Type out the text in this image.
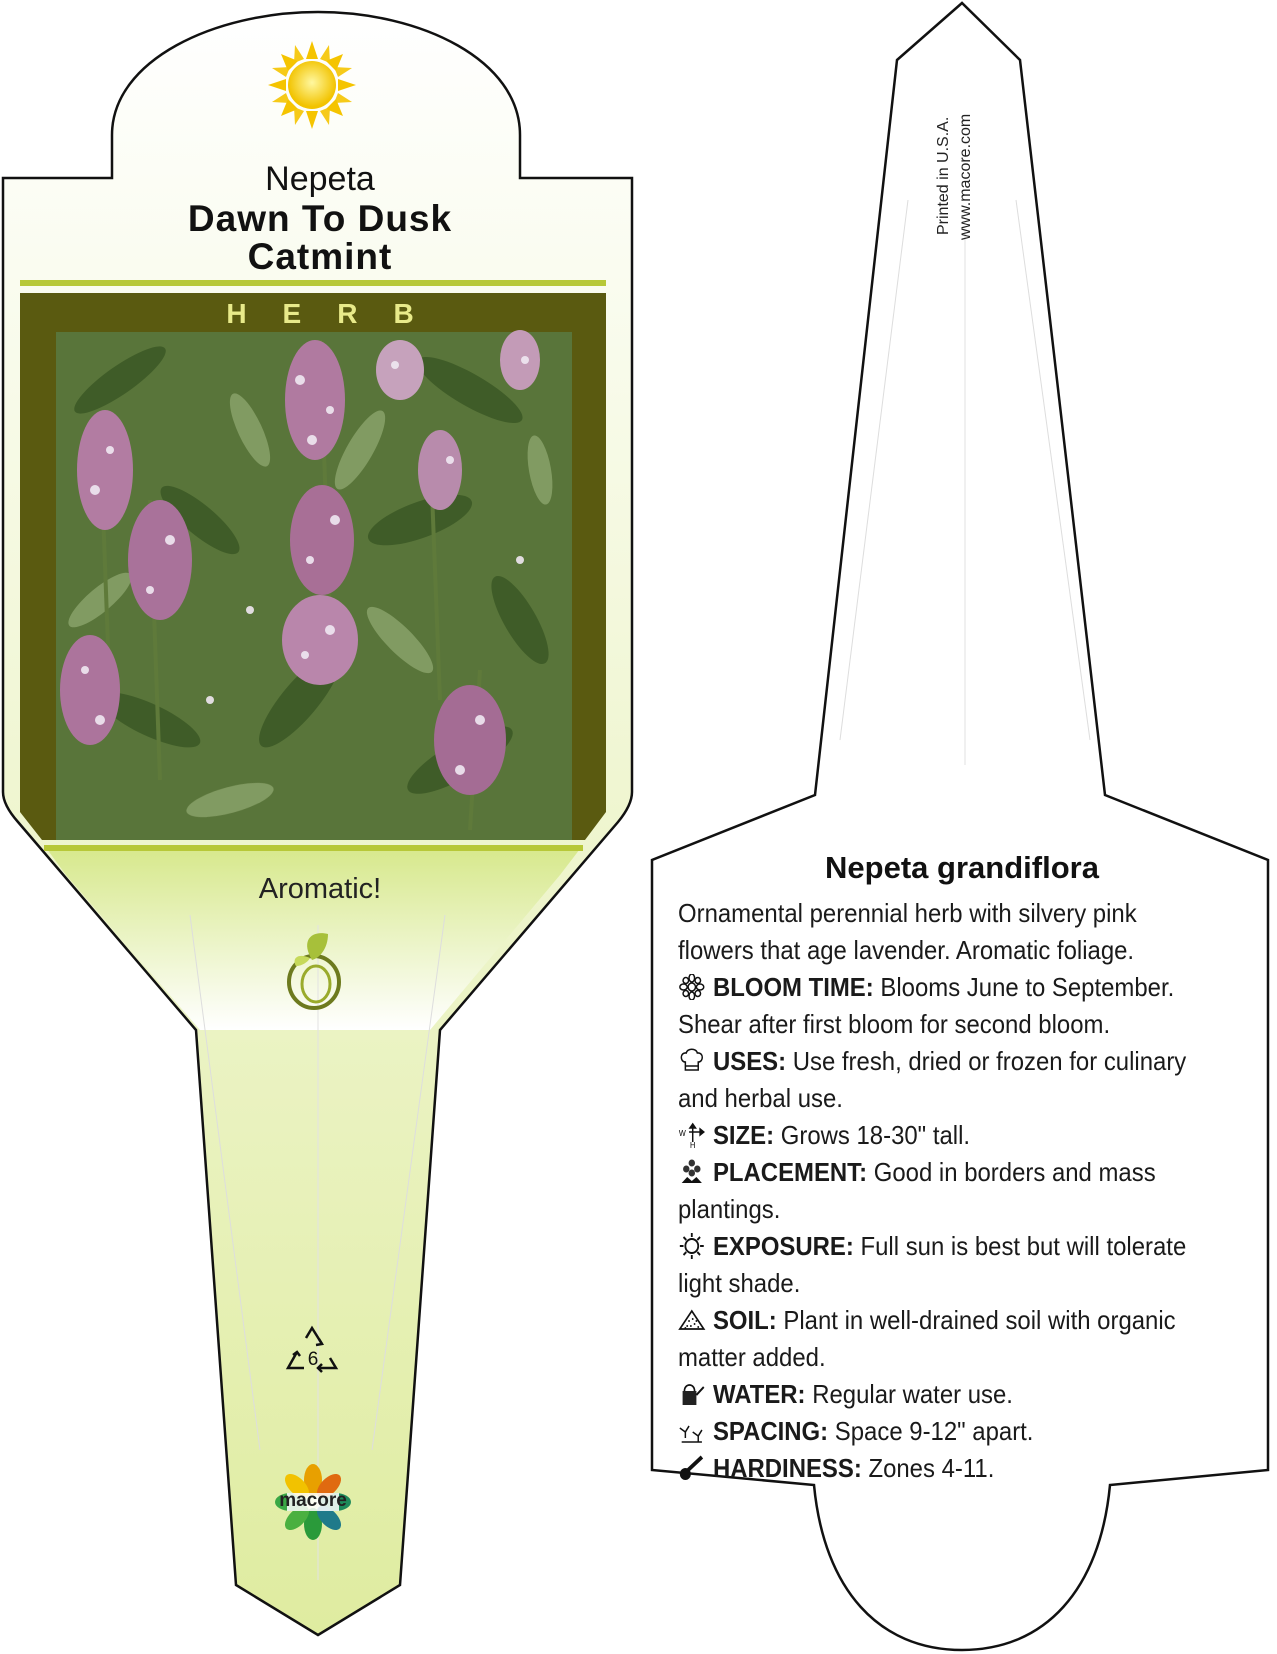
Nepeta
Dawn To Dusk
Catmint
HERB
Aromatic!
6
macore
Printed in U.S.A. www.macore.com
Nepeta grandiflora

Ornamental perennial herb with silvery pink flowers that age lavender. Aromatic foliage.

BLOOM TIME: Blooms June to September. Shear after first bloom for second bloom.

USES: Use fresh, dried or frozen for culinary and herbal use.

W
H SIZE: Grows 18-30" tall.

PLACEMENT: Good in borders and mass plantings.

EXPOSURE: Full sun is best but will tolerate light shade.

SOIL: Plant in well-drained soil with organic matter added.

WATER: Regular water use.

SPACING: Space 9-12" apart.

HARDINESS: Zones 4-11.
